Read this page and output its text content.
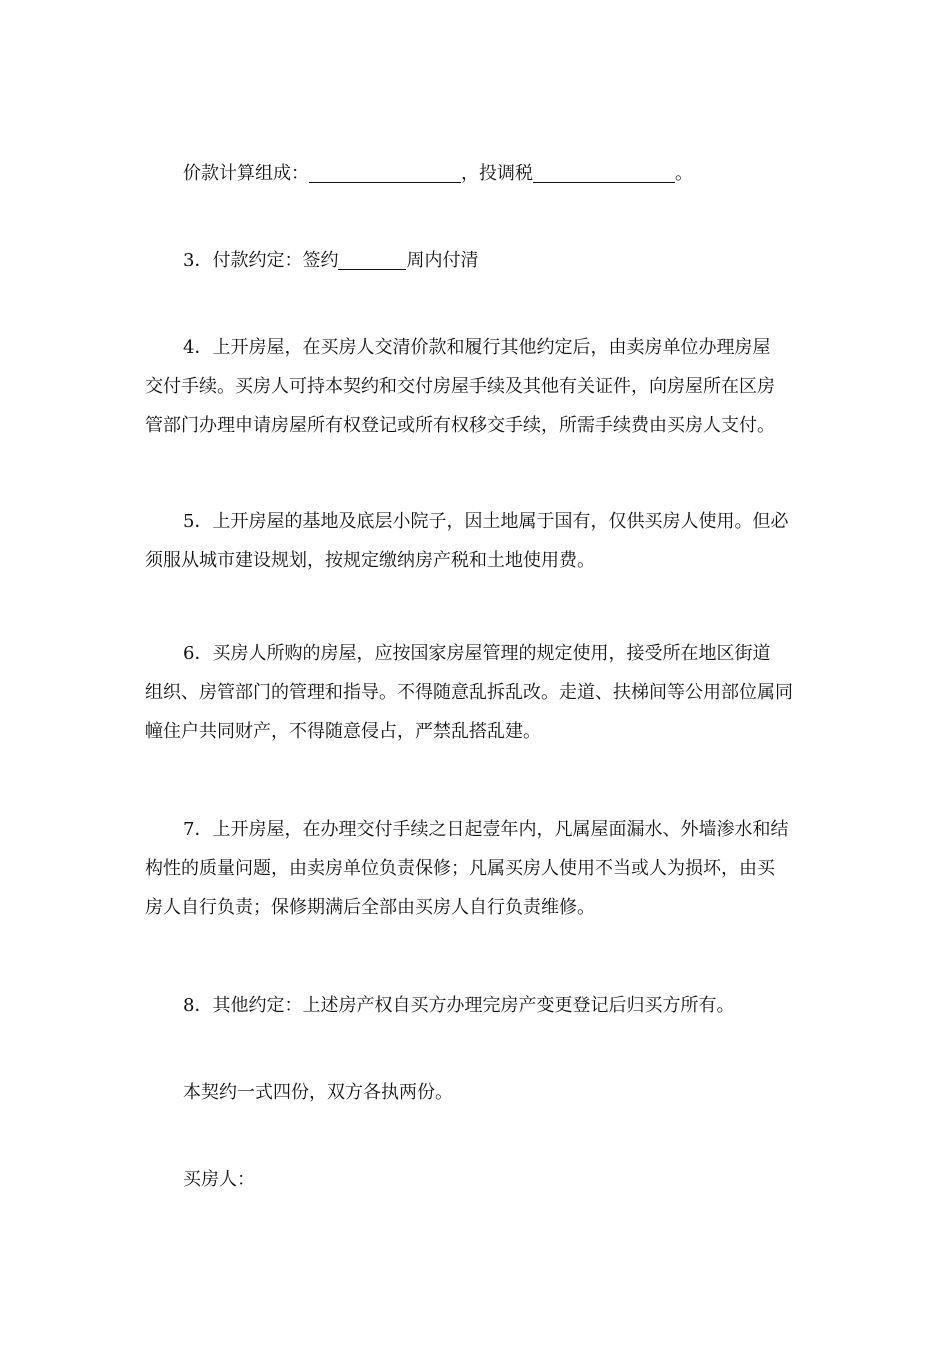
价款计算组成：	，投调税	。

3．付款约定：签约	周内付清

4．上开房屋，在买房人交清价款和履行其他约定后，由卖房单位办理房屋
交付手续。买房人可持本契约和交付房屋手续及其他有关证件，向房屋所在区房
管部门办理申请房屋所有权登记或所有权移交手续，所需手续费由买房人支付。

5．上开房屋的基地及底层小院子，因土地属于国有，仅供买房人使用。但必
须服从城市建设规划，按规定缴纳房产税和土地使用费。

6．买房人所购的房屋，应按国家房屋管理的规定使用，接受所在地区街道
组织、房管部门的管理和指导。不得随意乱拆乱改。走道、扶梯间等公用部位属同
幢住户共同财产，不得随意侵占，严禁乱搭乱建。

7．上开房屋，在办理交付手续之日起壹年内，凡属屋面漏水、外墙渗水和结
构性的质量问题，由卖房单位负责保修；凡属买房人使用不当或人为损坏，由买
房人自行负责；保修期满后全部由买房人自行负责维修。

8．其他约定：上述房产权自买方办理完房产变更登记后归买方所有。

本契约一式四份，双方各执两份。

买房人：
